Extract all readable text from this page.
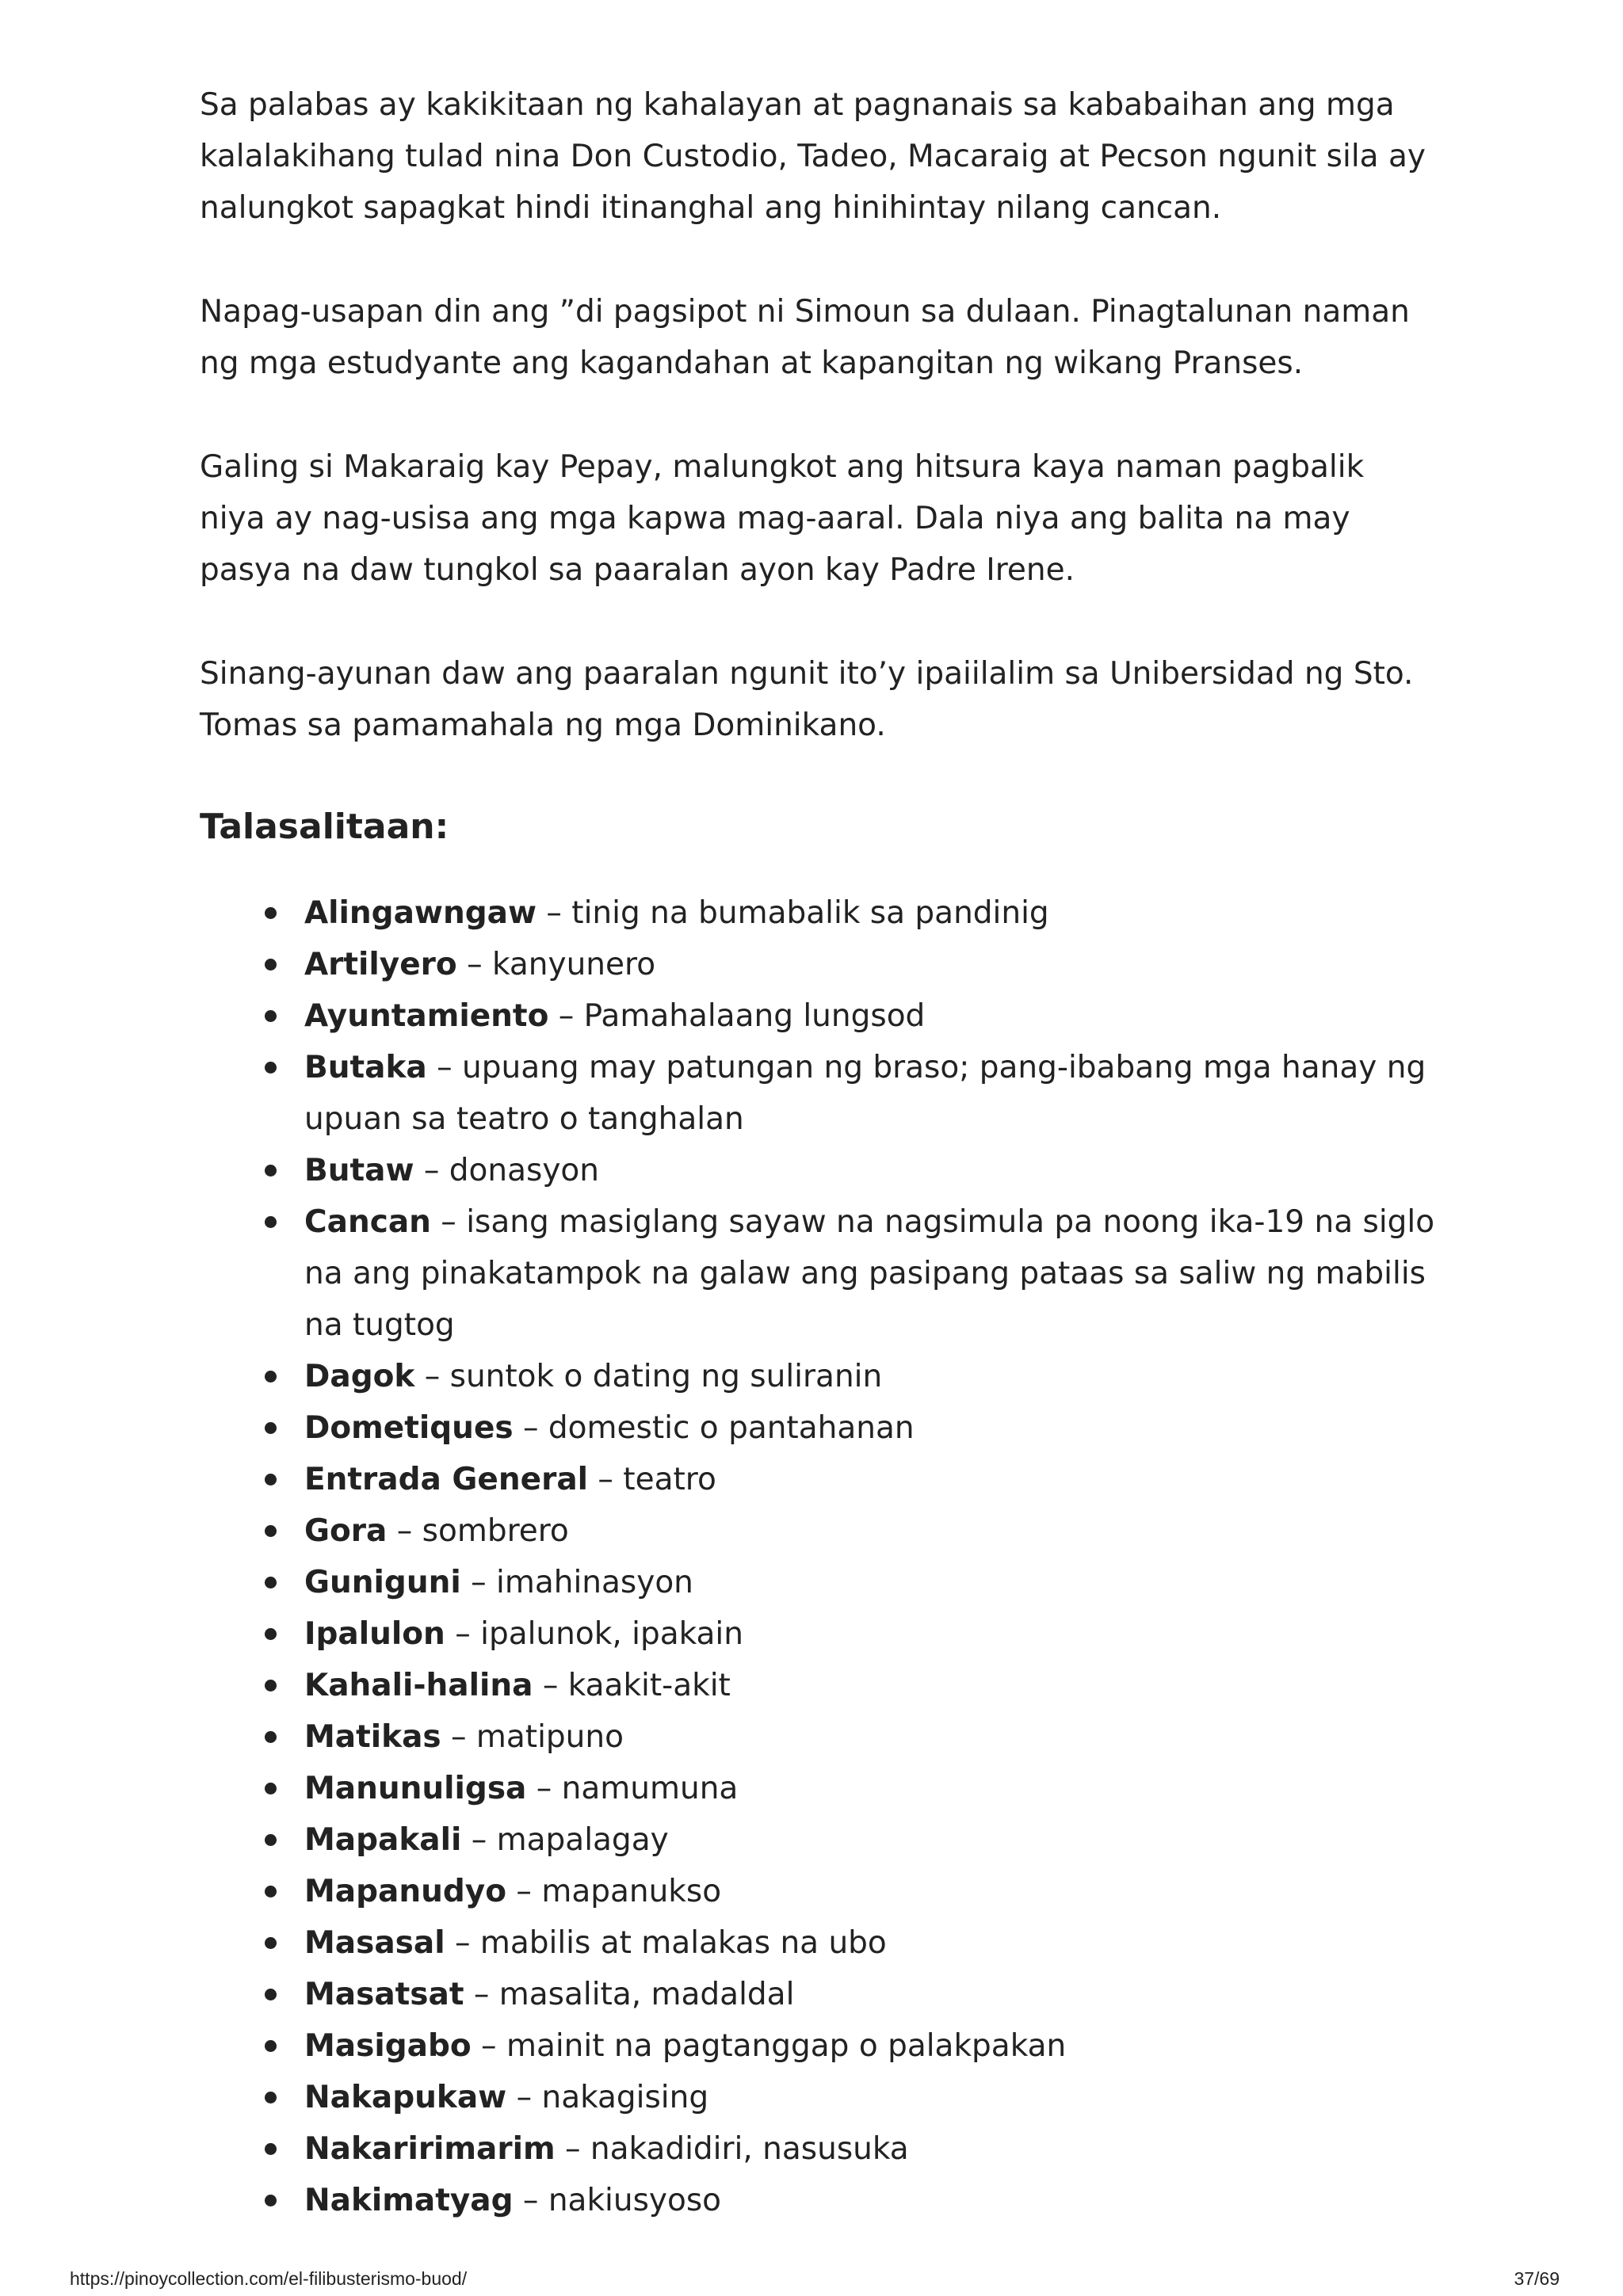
Sa palabas ay kakikitaan ng kahalayan at pagnanais sa kababaihan ang mga kalalakihang tulad nina Don Custodio, Tadeo, Macaraig at Pecson ngunit sila ay nalungkot sapagkat hindi itinanghal ang hinihintay nilang cancan.

Napag-usapan din ang ”di pagsipot ni Simoun sa dulaan. Pinagtalunan naman ng mga estudyante ang kagandahan at kapangitan ng wikang Pranses.

Galing si Makaraig kay Pepay, malungkot ang hitsura kaya naman pagbalik niya ay nag-usisa ang mga kapwa mag-aaral. Dala niya ang balita na may pasya na daw tungkol sa paaralan ayon kay Padre Irene.

Sinang-ayunan daw ang paaralan ngunit ito’y ipaiilalim sa Unibersidad ng Sto. Tomas sa pamamahala ng mga Dominikano.

Talasalitaan:
Alingawngaw – tinig na bumabalik sa pandinig
Artilyero – kanyunero
Ayuntamiento – Pamahalaang lungsod
Butaka – upuang may patungan ng braso; pang-ibabang mga hanay ng upuan sa teatro o tanghalan
Butaw – donasyon
Cancan – isang masiglang sayaw na nagsimula pa noong ika-19 na siglo na ang pinakatampok na galaw ang pasipang pataas sa saliw ng mabilis na tugtog
Dagok – suntok o dating ng suliranin
Dometiques – domestic o pantahanan
Entrada General – teatro
Gora – sombrero
Guniguni – imahinasyon
Ipalulon – ipalunok, ipakain
Kahali-halina – kaakit-akit
Matikas – matipuno
Manunuligsa – namumuna
Mapakali – mapalagay
Mapanudyo – mapanukso
Masasal – mabilis at malakas na ubo
Masatsat – masalita, madaldal
Masigabo – mainit na pagtanggap o palakpakan
Nakapukaw – nakagising
Nakaririmarim – nakadidiri, nasusuka
Nakimatyag – nakiusyoso
https://pinoycollection.com/el-filibusterismo-buod/	37/69
